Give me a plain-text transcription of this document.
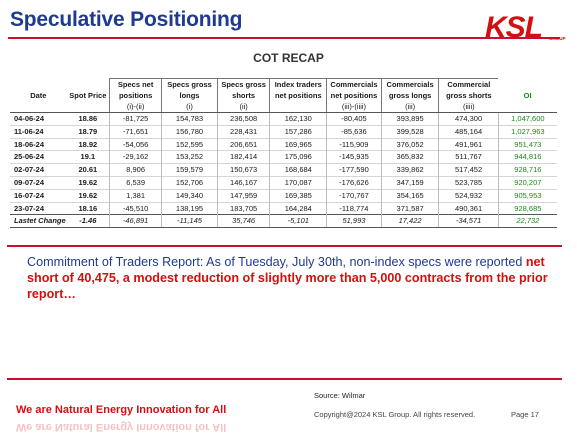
Speculative Positioning	KSL GROUP
COT RECAP
		Specs net	Specs gross	Specs gross	Index traders	Commercials	Commercials	Commercial	
Date	Spot Price	positions	longs	shorts	net positions	net positions	gross longs	gross shorts	OI
		(i)-(ii)	(i)	(ii)		(iii)-(iiii)	(iii)	(iiii)	
04-06-24	18.86	-81,725	154,783	236,508	162,130	-80,405	393,895	474,300	1,047,600
11-06-24	18.79	-71,651	156,780	228,431	157,286	-85,636	399,528	485,164	1,027,963
18-06-24	18.92	-54,056	152,595	206,651	169,965	-115,909	376,052	491,961	951,473
25-06-24	19.1	-29,162	153,252	182,414	175,096	-145,935	365,832	511,767	944,816
02-07-24	20.61	8,906	159,579	150,673	168,684	-177,590	339,862	517,452	928,716
09-07-24	19.62	6,539	152,706	146,167	170,087	-176,626	347,159	523,785	920,207
16-07-24	19.62	1,381	149,340	147,959	169,385	-170,767	354,165	524,932	905,953
23-07-24	18.16	-45,510	138,195	183,705	164,284	-118,774	371,587	490,361	928,685
Lastet Change	-1.46	-46,891	-11,145	35,746	-5,101	51,993	17,422	-34,571	22,732
Commitment of Traders Report: As of Tuesday, July 30th, non-index specs were reported net short of 40,475, a modest reduction of slightly more than 5,000 contracts from the prior report…
Source: Wilmar
Copyright@2024 KSL Group. All rights reserved.	Page 17
We are Natural Energy Innovation for All
We are Natural Energy Innovation for All
